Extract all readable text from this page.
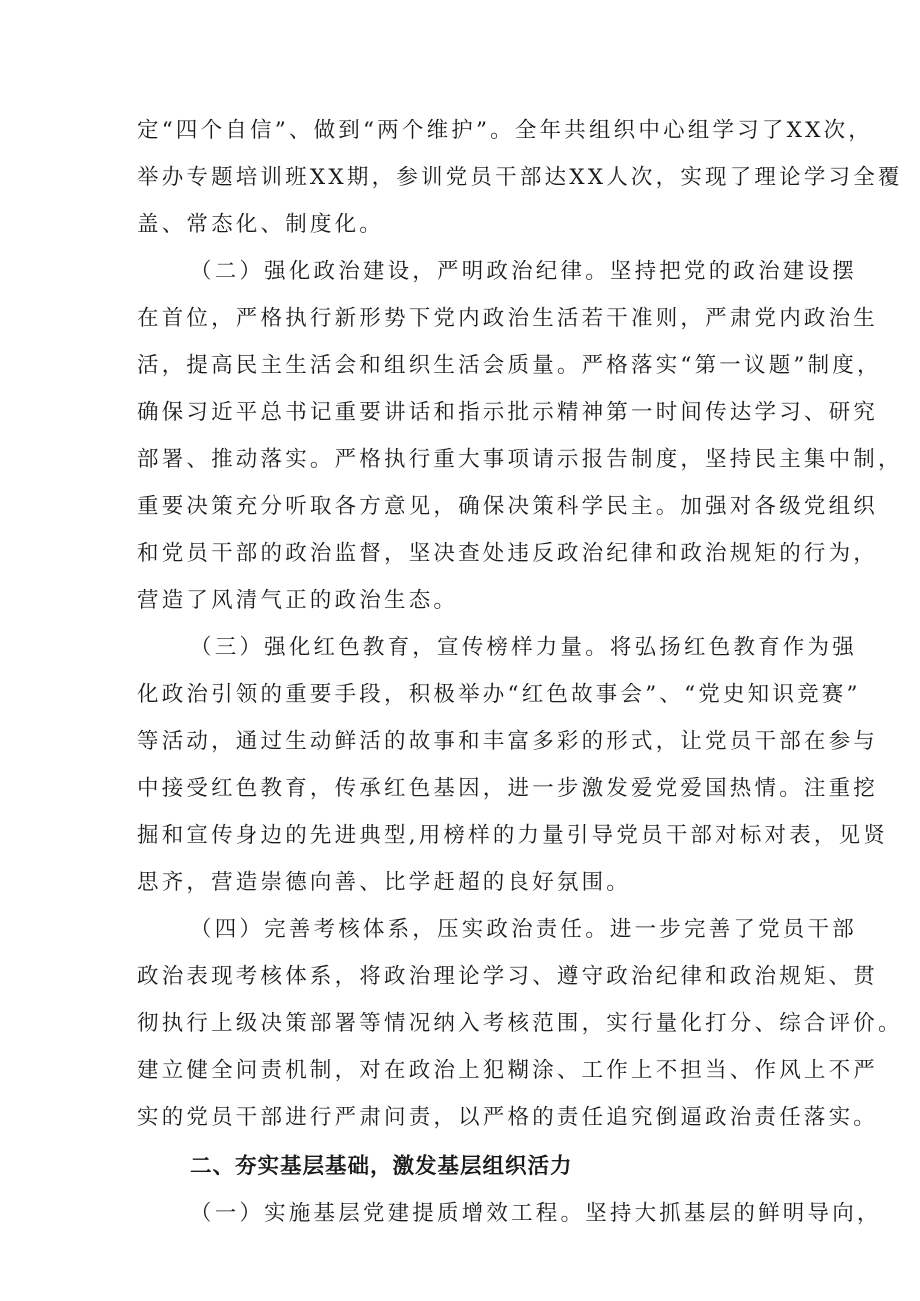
定“四个自信”、做到“两个维护”。全年共组织中心组学习了XX次，
举办专题培训班XX期，参训党员干部达XX人次，实现了理论学习全覆
盖、常态化、制度化。
（二）强化政治建设，严明政治纪律。坚持把党的政治建设摆
在首位，严格执行新形势下党内政治生活若干准则，严肃党内政治生
活，提高民主生活会和组织生活会质量。严格落实“第一议题”制度，
确保习近平总书记重要讲话和指示批示精神第一时间传达学习、研究
部署、推动落实。严格执行重大事项请示报告制度，坚持民主集中制，
重要决策充分听取各方意见，确保决策科学民主。加强对各级党组织
和党员干部的政治监督，坚决查处违反政治纪律和政治规矩的行为，
营造了风清气正的政治生态。
（三）强化红色教育，宣传榜样力量。将弘扬红色教育作为强
化政治引领的重要手段，积极举办“红色故事会”、“党史知识竞赛”
等活动，通过生动鲜活的故事和丰富多彩的形式，让党员干部在参与
中接受红色教育，传承红色基因，进一步激发爱党爱国热情。注重挖
掘和宣传身边的先进典型,用榜样的力量引导党员干部对标对表，见贤
思齐，营造崇德向善、比学赶超的良好氛围。
（四）完善考核体系，压实政治责任。进一步完善了党员干部
政治表现考核体系，将政治理论学习、遵守政治纪律和政治规矩、贯
彻执行上级决策部署等情况纳入考核范围，实行量化打分、综合评价。
建立健全问责机制，对在政治上犯糊涂、工作上不担当、作风上不严
实的党员干部进行严肃问责，以严格的责任追究倒逼政治责任落实。
二、夯实基层基础，激发基层组织活力
（一）实施基层党建提质增效工程。坚持大抓基层的鲜明导向，
